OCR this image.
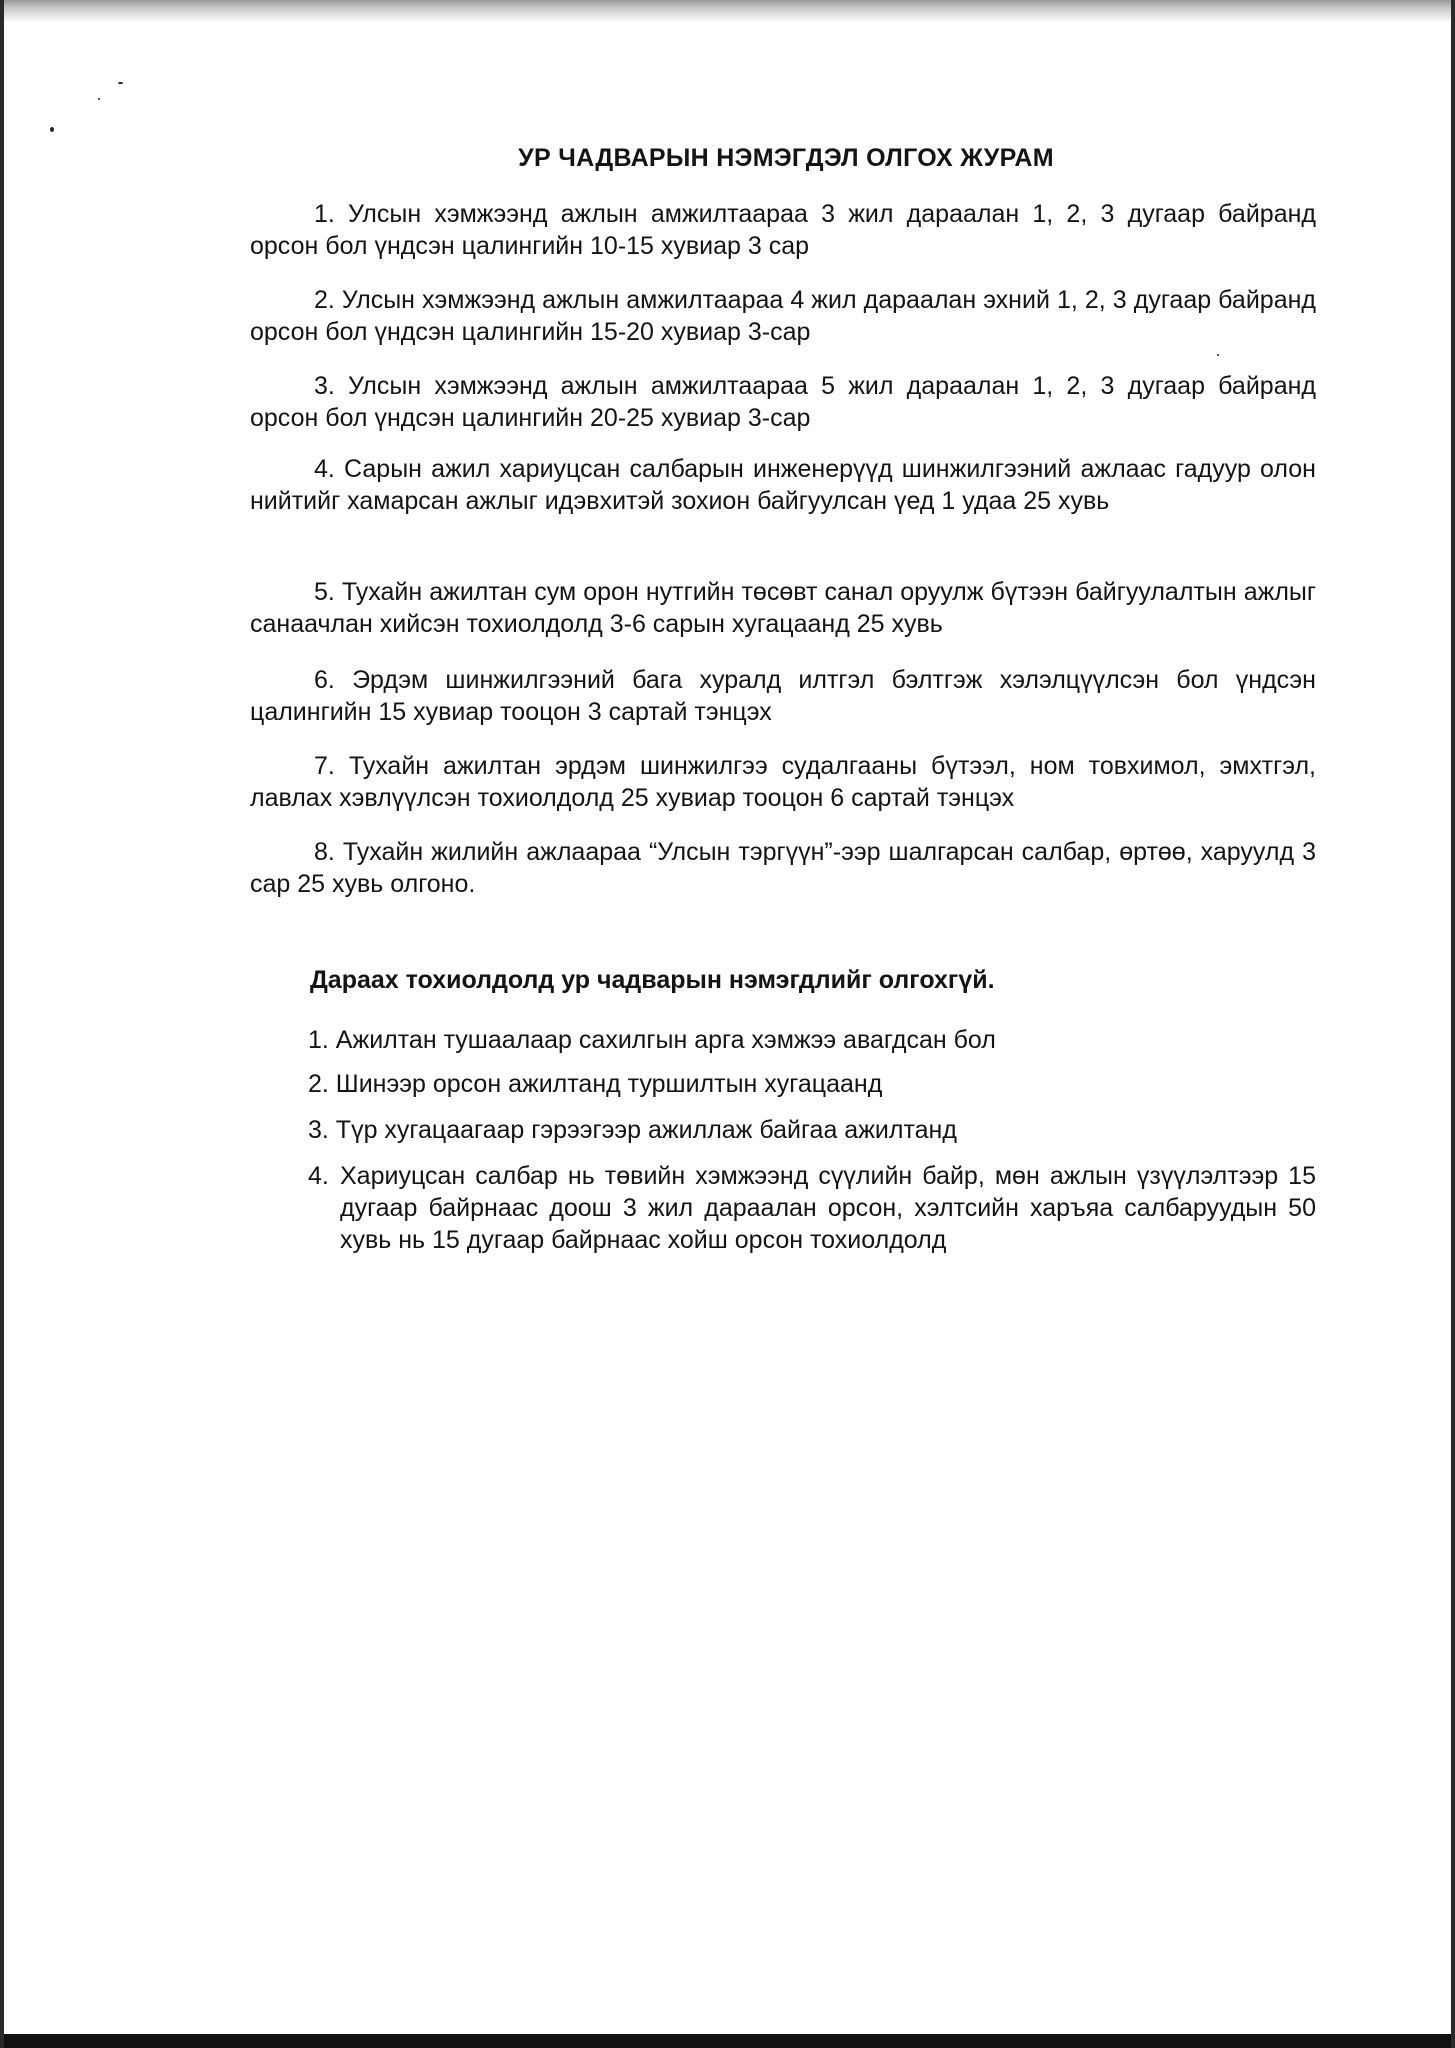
УР ЧАДВАРЫН НЭМЭГДЭЛ ОЛГОХ ЖУРАМ

1. Улсын хэмжээнд ажлын амжилтаараа 3 жил дараалан 1, 2, 3 дугаар байранд орсон бол үндсэн цалингийн 10-15 хувиар 3 сар

2. Улсын хэмжээнд ажлын амжилтаараа 4 жил дараалан эхний 1, 2, 3 дугаар байранд орсон бол үндсэн цалингийн 15-20 хувиар 3-сар

3. Улсын хэмжээнд ажлын амжилтаараа 5 жил дараалан 1, 2, 3 дугаар байранд орсон бол үндсэн цалингийн 20-25 хувиар 3-сар

4. Сарын ажил хариуцсан салбарын инженерүүд шинжилгээний ажлаас гадуур олон нийтийг хамарсан ажлыг идэвхитэй зохион байгуулсан үед 1 удаа 25 хувь

5. Тухайн ажилтан сум орон нутгийн төсөвт санал оруулж бүтээн байгуулалтын ажлыг санаачлан хийсэн тохиолдолд 3-6 сарын хугацаанд 25 хувь

6. Эрдэм шинжилгээний бага хуралд илтгэл бэлтгэж хэлэлцүүлсэн бол үндсэн цалингийн 15 хувиар тооцон 3 сартай тэнцэх

7. Тухайн ажилтан эрдэм шинжилгээ судалгааны бүтээл, ном товхимол, эмхтгэл, лавлах хэвлүүлсэн тохиолдолд 25 хувиар тооцон 6 сартай тэнцэх

8. Тухайн жилийн ажлаараа “Улсын тэргүүн”-ээр шалгарсан салбар, өртөө, харуулд 3 сар 25 хувь олгоно.

Дараах тохиолдолд ур чадварын нэмэгдлийг олгохгүй.

1. Ажилтан тушаалаар сахилгын арга хэмжээ авагдсан бол

2. Шинээр орсон ажилтанд туршилтын хугацаанд

3. Түр хугацаагаар гэрээгээр ажиллаж байгаа ажилтанд

4. Хариуцсан салбар нь төвийн хэмжээнд сүүлийн байр, мөн ажлын үзүүлэлтээр 15 дугаар байрнаас доош 3 жил дараалан орсон, хэлтсийн харъяа салбаруудын 50 хувь нь 15 дугаар байрнаас хойш орсон тохиолдолд
